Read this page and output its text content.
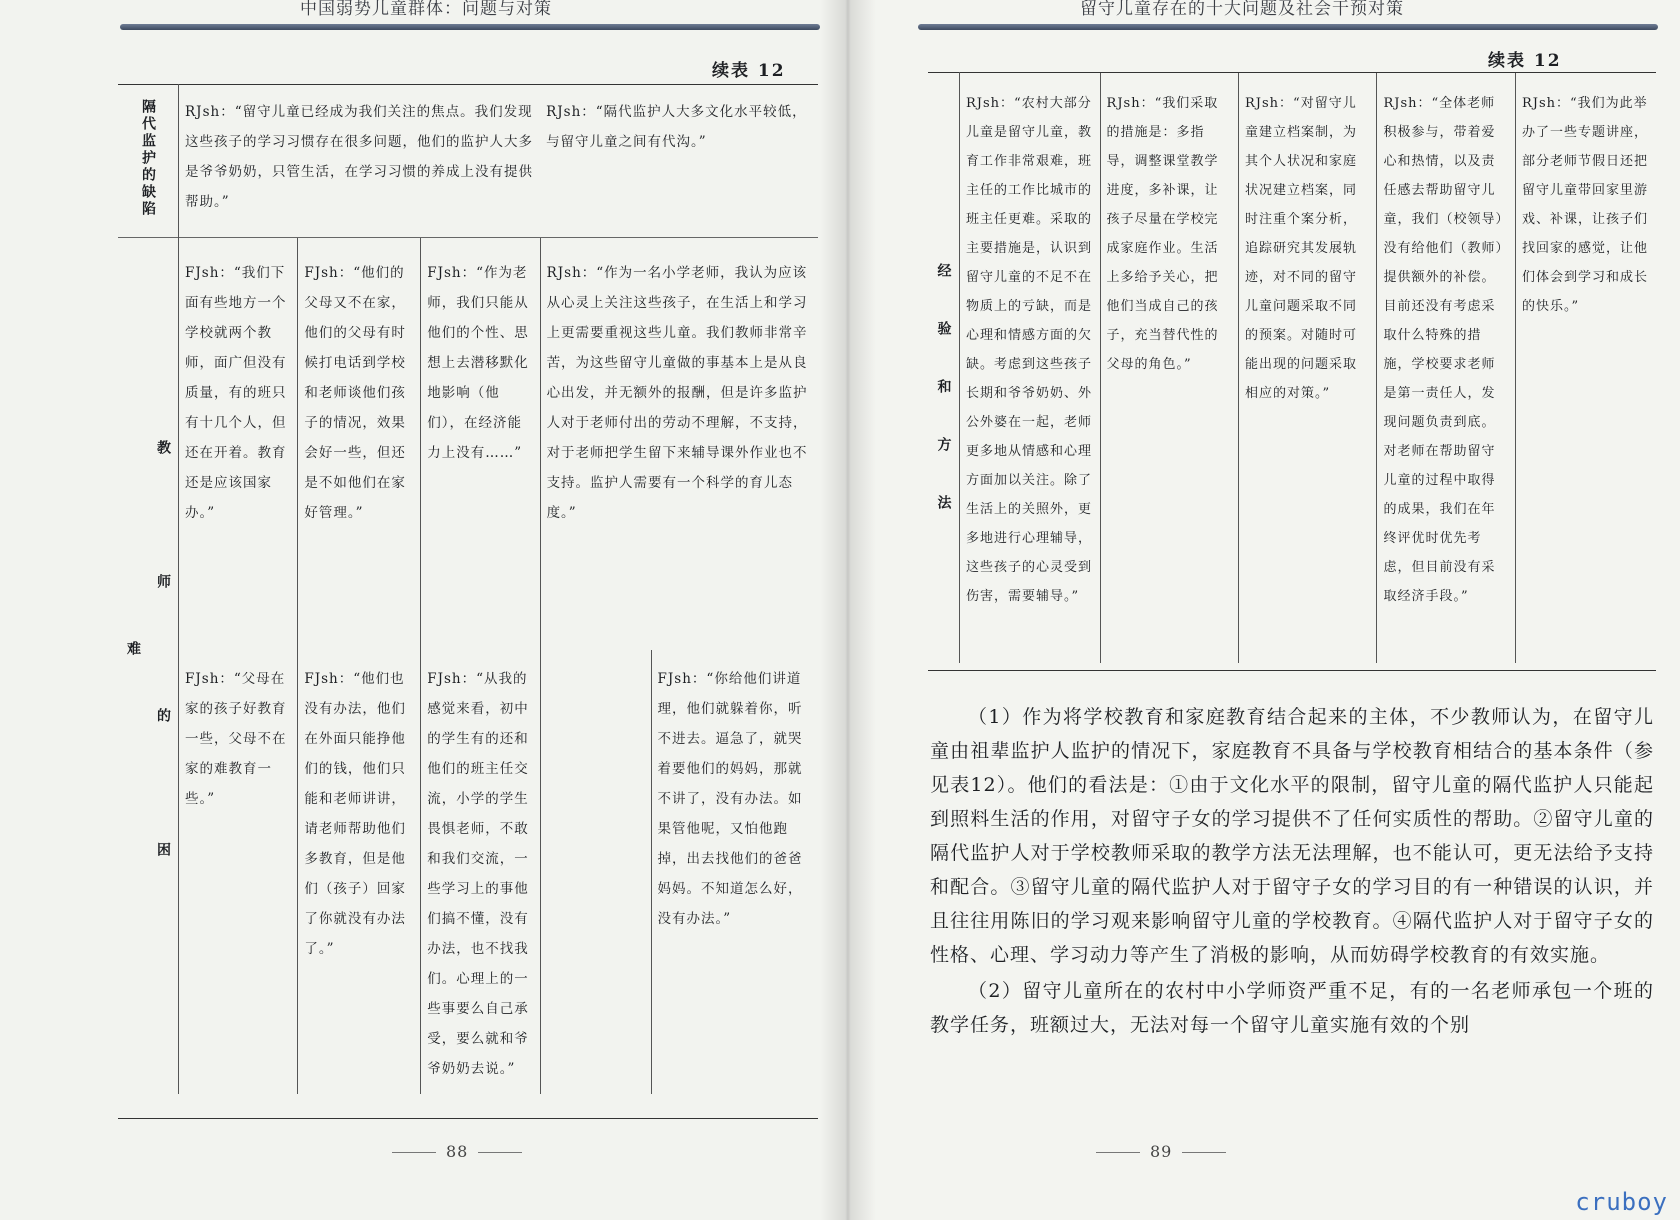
中国弱势儿童群体：问题与对策
续表 12
隔代监护的缺陷	RJsh：“留守儿童已经成为我们关注的焦点。我们发现这些孩子的学习习惯存在很多问题，他们的监护人大多是爷爷奶奶，只管生活，在学习习惯的养成上没有提供帮助。”			RJsh：“隔代监护人大多文化水平较低，与留守儿童之间有代沟。”	

教师的困难	FJsh：“我们下面有些地方一个学校就两个教师，面广但没有质量，有的班只有十几个人，但还在开着。教育还是应该国家办。”	FJsh：“他们的父母又不在家，他们的父母有时候打电话到学校和老师谈他们孩子的情况，效果会好一些，但还是不如他们在家好管理。”	FJsh：“作为老师，我们只能从他们的个性、思想上去潜移默化地影响（他们），在经济能力上没有……”	RJsh：“作为一名小学老师，我认为应该从心灵上关注这些孩子，在生活上和学习上更需要重视这些儿童。我们教师非常辛苦，为这些留守儿童做的事基本上是从良心出发，并无额外的报酬，但是许多监护人对于老师付出的劳动不理解，不支持，对于老师把学生留下来辅导课外作业也不支持。监护人需要有一个科学的育儿态度。”	
	FJsh：“父母在家的孩子好教育一些，父母不在家的难教育一些。”	FJsh：“他们也没有办法，他们在外面只能挣他们的钱，他们只能和老师讲讲，请老师帮助他们多教育，但是他们（孩子）回家了你就没有办法了。”	FJsh：“从我的感觉来看，初中的学生有的还和他们的班主任交流，小学的学生畏惧老师，不敢和我们交流，一些学习上的事他们搞不懂，没有办法，也不找我们。心理上的一些事要么自己承受，要么就和爷爷奶奶去说。”		FJsh：“你给他们讲道理，他们就躲着你，听不进去。逼急了，就哭着要他们的妈妈，那就不讲了，没有办法。如果管他呢，又怕他跑掉，出去找他们的爸爸妈妈。不知道怎么好，没有办法。”
88
留守儿童存在的十大问题及社会干预对策
续表 12
经验和方法
	RJsh：“农村大部分儿童是留守儿童，教育工作非常艰难，班主任的工作比城市的班主任更难。采取的主要措施是，认识到留守儿童的不足不在物质上的亏缺，而是心理和情感方面的欠缺。考虑到这些孩子长期和爷爷奶奶、外公外婆在一起，老师更多地从情感和心理方面加以关注。除了生活上的关照外，更多地进行心理辅导，这些孩子的心灵受到伤害，需要辅导。”	RJsh：“我们采取的措施是：多指导，调整课堂教学进度，多补课，让孩子尽量在学校完成家庭作业。生活上多给予关心，把他们当成自己的孩子，充当替代性的父母的角色。”	RJsh：“对留守儿童建立档案制，为其个人状况和家庭状况建立档案，同时注重个案分析，追踪研究其发展轨迹，对不同的留守儿童问题采取不同的预案。对随时可能出现的问题采取相应的对策。”	RJsh：“全体老师积极参与，带着爱心和热情，以及责任感去帮助留守儿童，我们（校领导）没有给他们（教师）提供额外的补偿。目前还没有考虑采取什么特殊的措施，学校要求老师是第一责任人，发现问题负责到底。对老师在帮助留守儿童的过程中取得的成果，我们在年终评优时优先考虑，但目前没有采取经济手段。”	RJsh：“我们为此举办了一些专题讲座，部分老师节假日还把留守儿童带回家里游戏、补课，让孩子们找回家的感觉，让他们体会到学习和成长的快乐。”

（1）作为将学校教育和家庭教育结合起来的主体，不少教师认为，在留守儿童由祖辈监护人监护的情况下，家庭教育不具备与学校教育相结合的基本条件（参见表12）。他们的看法是：①由于文化水平的限制，留守儿童的隔代监护人只能起到照料生活的作用，对留守子女的学习提供不了任何实质性的帮助。②留守儿童的隔代监护人对于学校教师采取的教学方法无法理解，也不能认可，更无法给予支持和配合。③留守儿童的隔代监护人对于留守子女的学习目的有一种错误的认识，并且往往用陈旧的学习观来影响留守儿童的学校教育。④隔代监护人对于留守子女的性格、心理、学习动力等产生了消极的影响，从而妨碍学校教育的有效实施。

（2）留守儿童所在的农村中小学师资严重不足，有的一名老师承包一个班的教学任务，班额过大，无法对每一个留守儿童实施有效的个别

89
cruboy
